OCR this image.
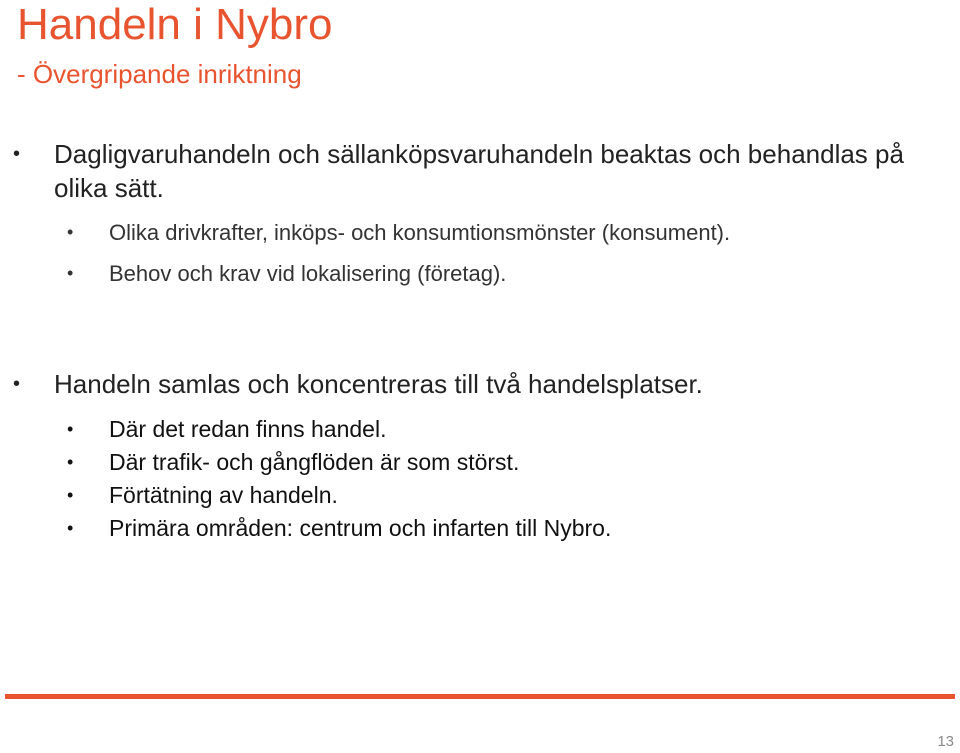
Handeln i Nybro
- Övergripande inriktning
• Dagligvaruhandeln och sällanköpsvaruhandeln beaktas och behandlas på olika sätt.
• Olika drivkrafter, inköps- och konsumtionsmönster (konsument).
• Behov och krav vid lokalisering (företag).
• Handeln samlas och koncentreras till två handelsplatser.
• Där det redan finns handel.
• Där trafik- och gångflöden är som störst.
• Förtätning av handeln.
• Primära områden: centrum och infarten till Nybro.
13
